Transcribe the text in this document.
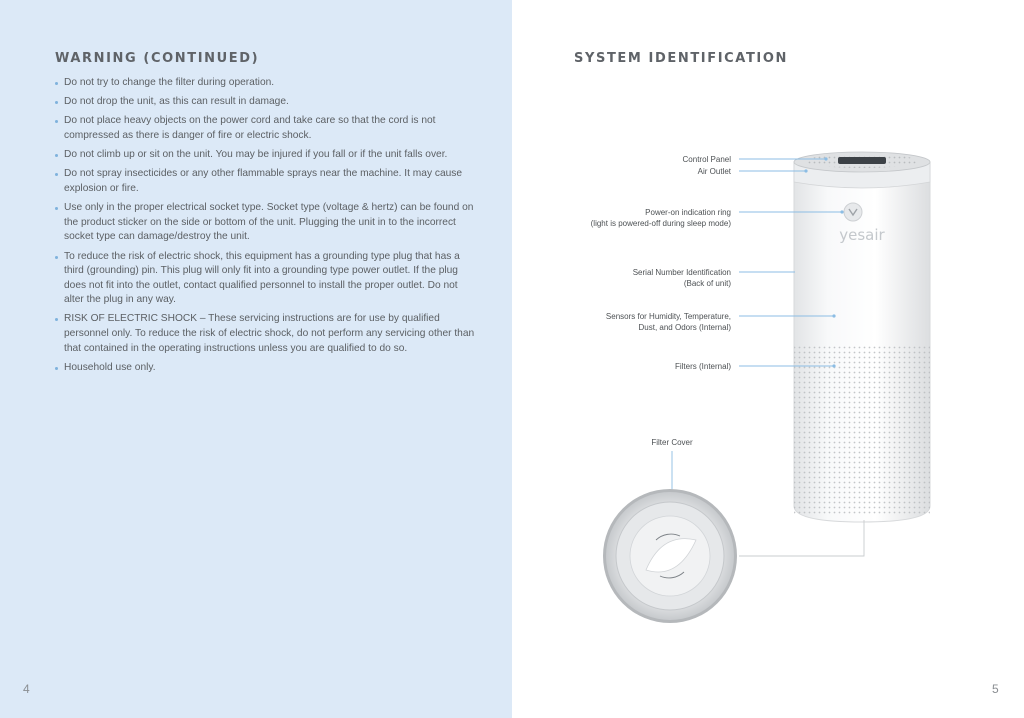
WARNING (CONTINUED)
Do not try to change the filter during operation.
Do not drop the unit, as this can result in damage.
Do not place heavy objects on the power cord and take care so that the cord is not compressed as there is danger of fire or electric shock.
Do not climb up or sit on the unit. You may be injured if you fall or if the unit falls over.
Do not spray insecticides or any other flammable sprays near the machine. It may cause explosion or fire.
Use only in the proper electrical socket type. Socket type (voltage & hertz) can be found on the product sticker on the side or bottom of the unit. Plugging the unit in to the incorrect socket type can damage/destroy the unit.
To reduce the risk of electric shock, this equipment has a grounding type plug that has a third (grounding) pin. This plug will only fit into a grounding type power outlet. If the plug does not fit into the outlet, contact qualified personnel to install the proper outlet. Do not alter the plug in any way.
RISK OF ELECTRIC SHOCK – These servicing instructions are for use by qualified personnel only. To reduce the risk of electric shock, do not perform any servicing other than that contained in the operating instructions unless you are qualified to do so.
Household use only.
4
SYSTEM IDENTIFICATION
yesair
Control Panel
Air Outlet
Power-on indication ring
(light is powered-off during sleep mode)
Serial Number Identification
(Back of unit)
Sensors for Humidity, Temperature,
Dust, and Odors (Internal)
Filters (Internal)
Filter Cover
5
